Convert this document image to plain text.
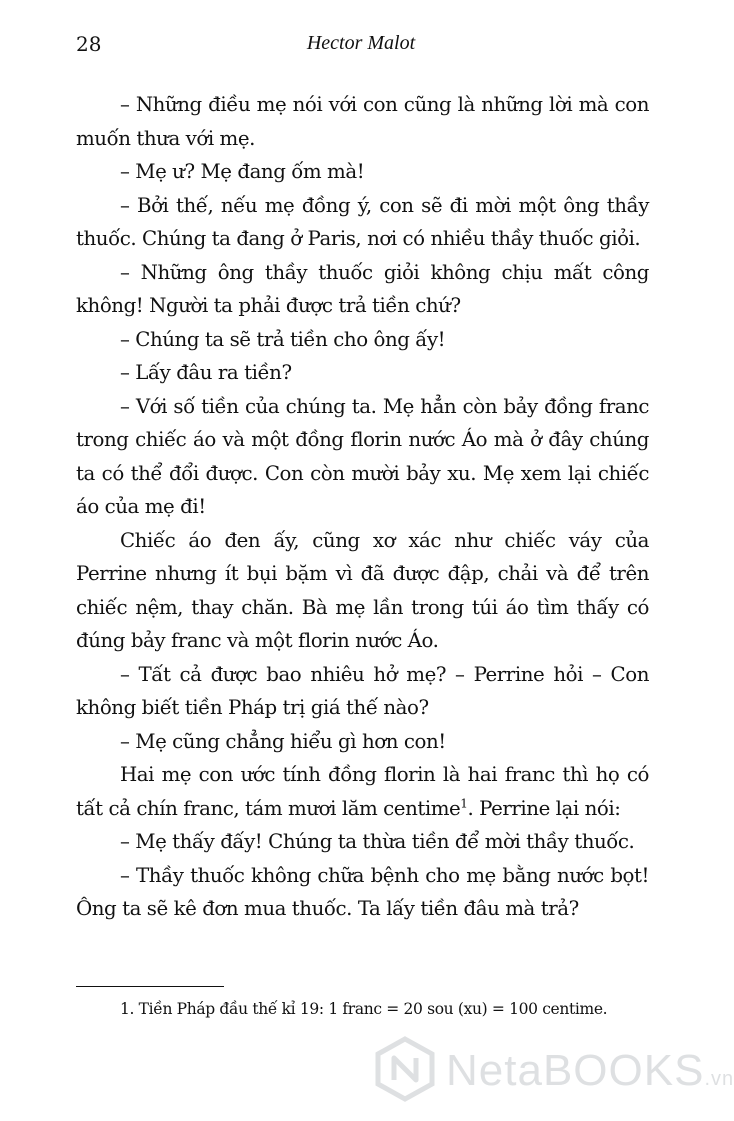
28	Hector Malot

– Những điều mẹ nói với con cũng là những lời mà con muốn thưa với mẹ.

– Mẹ ư? Mẹ đang ốm mà!

– Bởi thế, nếu mẹ đồng ý, con sẽ đi mời một ông thầy thuốc. Chúng ta đang ở Paris, nơi có nhiều thầy thuốc giỏi.

– Những ông thầy thuốc giỏi không chịu mất công không! Người ta phải được trả tiền chứ?

– Chúng ta sẽ trả tiền cho ông ấy!

– Lấy đâu ra tiền?

– Với số tiền của chúng ta. Mẹ hẳn còn bảy đồng franc trong chiếc áo và một đồng florin nước Áo mà ở đây chúng ta có thể đổi được. Con còn mười bảy xu. Mẹ xem lại chiếc áo của mẹ đi!

Chiếc áo đen ấy, cũng xơ xác như chiếc váy của Perrine nhưng ít bụi bặm vì đã được đập, chải và để trên chiếc nệm, thay chăn. Bà mẹ lần trong túi áo tìm thấy có đúng bảy franc và một florin nước Áo.

– Tất cả được bao nhiêu hở mẹ? – Perrine hỏi – Con không biết tiền Pháp trị giá thế nào?

– Mẹ cũng chẳng hiểu gì hơn con!

Hai mẹ con ước tính đồng florin là hai franc thì họ có tất cả chín franc, tám mươi lăm centime$^1$. Perrine lại nói:

– Mẹ thấy đấy! Chúng ta thừa tiền để mời thầy thuốc.

– Thầy thuốc không chữa bệnh cho mẹ bằng nước bọt! Ông ta sẽ kê đơn mua thuốc. Ta lấy tiền đâu mà trả?

1. Tiền Pháp đầu thế kỉ 19: 1 franc = 20 sou (xu) = 100 centime.
NetaBOOKS.vn
